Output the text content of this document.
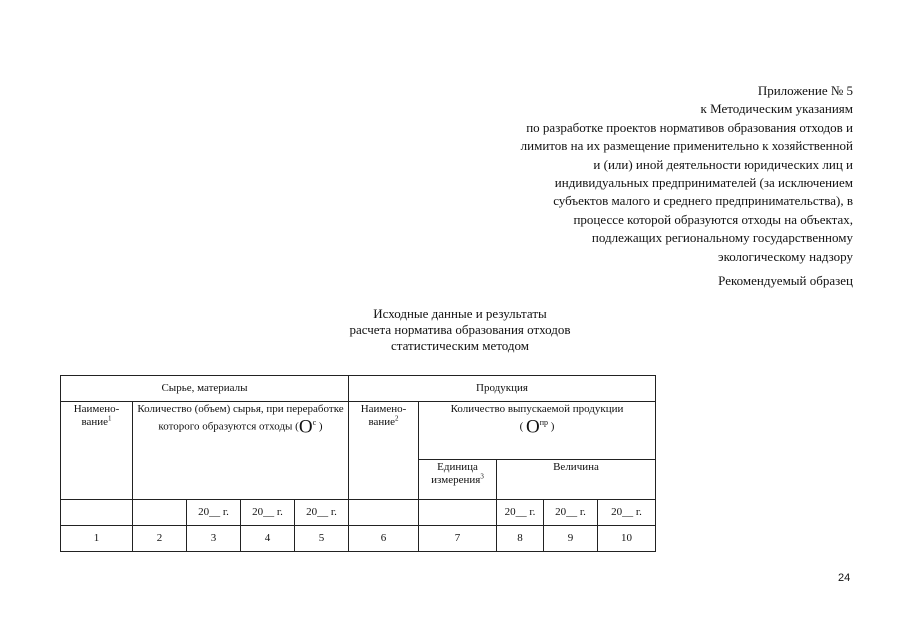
Приложение № 5
к Методическим указаниям
по разработке проектов нормативов образования отходов и
лимитов на их размещение применительно к хозяйственной
и (или) иной деятельности юридических лиц и
индивидуальных предпринимателей (за исключением
субъектов малого и среднего предпринимательства), в
процессе которой образуются отходы на объектах,
подлежащих региональному государственному
экологическому надзору
Рекомендуемый образец
Исходные данные и результаты
расчета норматива образования отходов
статистическим методом
Сырье, материалы					Продукция				
Наимено-вание$^1$	Количество (объем) сырья, при переработке которого образуются отходы ($О^с$ )				Наимено-вание$^2$	Количество выпускаемой продукции
( $О^{пр}$ )			

						Единица измерения$^3$	Величина		
		20__ г.	20__ г.	20__ г.			20__ г.	20__ г.	20__ г.
1	2	3	4	5	6	7	8	9	10
24
